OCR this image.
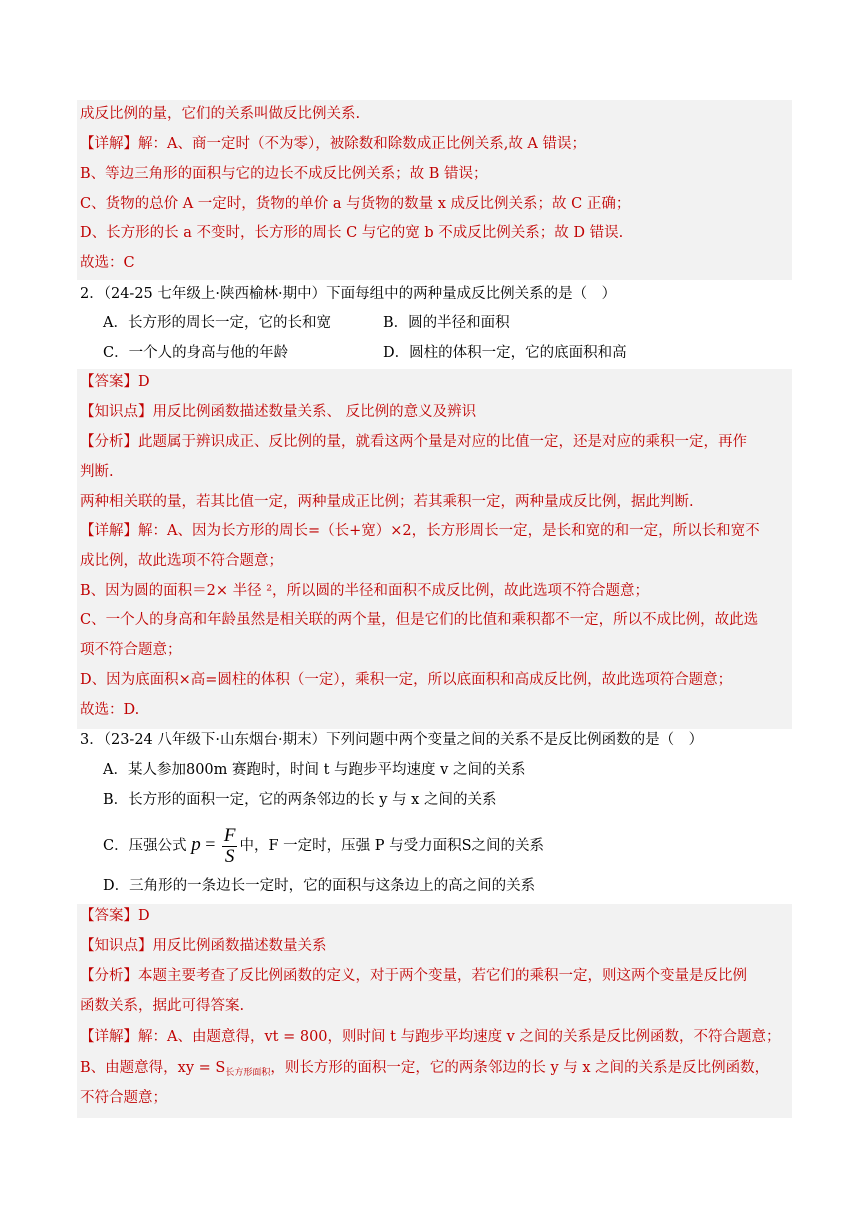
成反比例的量，它们的关系叫做反比例关系.
【详解】解：A、商一定时（不为零），被除数和除数成正比例关系,故 A 错误；
B、等边三角形的面积与它的边长不成反比例关系；故 B 错误；
C、货物的总价 A 一定时，货物的单价 a 与货物的数量 x 成反比例关系；故 C 正确；
D、长方形的长 a 不变时，长方形的周长 C 与它的宽 b 不成反比例关系；故 D 错误.
故选：C
2．（24-25 七年级上·陕西榆林·期中）下面每组中的两种量成反比例关系的是（　）
A．长方形的周长一定，它的长和宽	B．圆的半径和面积
C．一个人的身高与他的年龄	D．圆柱的体积一定，它的底面积和高
【答案】D
【知识点】用反比例函数描述数量关系、 反比例的意义及辨识
【分析】此题属于辨识成正、反比例的量，就看这两个量是对应的比值一定，还是对应的乘积一定，再作
判断.
两种相关联的量，若其比值一定，两种量成正比例；若其乘积一定，两种量成反比例，据此判断.
【详解】解：A、因为长方形的周长=（长+宽）×2，长方形周长一定，是长和宽的和一定，所以长和宽不
成比例，故此选项不符合题意；
B、因为圆的面积＝2× 半径 ²，所以圆的半径和面积不成反比例，故此选项不符合题意；
C、一个人的身高和年龄虽然是相关联的两个量，但是它们的比值和乘积都不一定，所以不成比例，故此选
项不符合题意；
D、因为底面积×高=圆柱的体积（一定），乘积一定，所以底面积和高成反比例，故此选项符合题意；
故选：D.
3．（23-24 八年级下·山东烟台·期末）下列问题中两个变量之间的关系不是反比例函数的是（　）
A．某人参加800m 赛跑时，时间 t 与跑步平均速度 v 之间的关系
B．长方形的面积一定，它的两条邻边的长 y 与 x 之间的关系
C．压强公式 $p = \frac{F}{S}$ 中，F 一定时，压强 P 与受力面积S之间的关系
D．三角形的一条边长一定时，它的面积与这条边上的高之间的关系
【答案】D
【知识点】用反比例函数描述数量关系
【分析】本题主要考查了反比例函数的定义，对于两个变量，若它们的乘积一定，则这两个变量是反比例
函数关系，据此可得答案.
【详解】解：A、由题意得，vt = 800，则时间 t 与跑步平均速度 v 之间的关系是反比例函数，不符合题意；
B、由题意得，xy = $S_{长方形面积}$，则长方形的面积一定，它的两条邻边的长 y 与 x 之间的关系是反比例函数，
不符合题意；
